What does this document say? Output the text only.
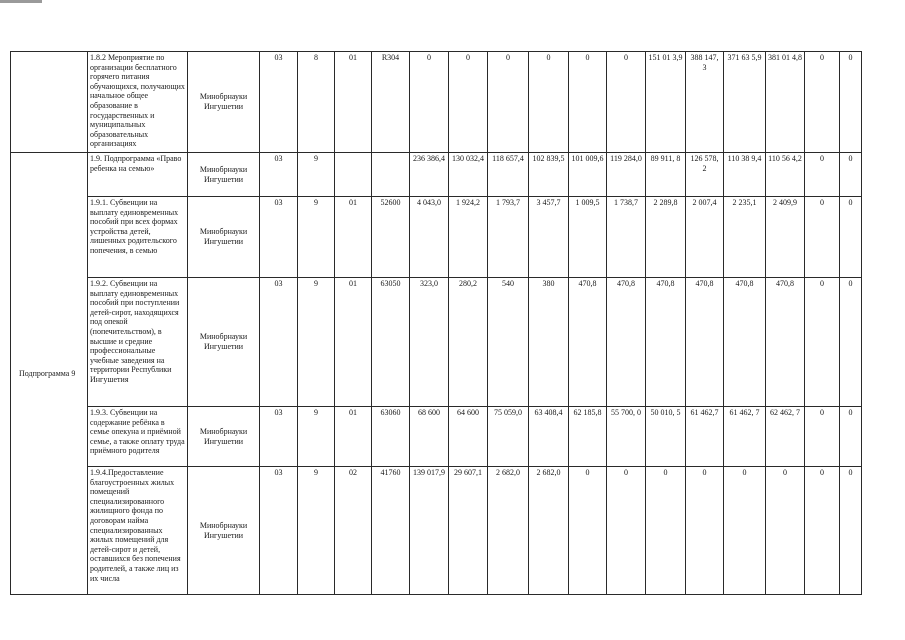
	1.8.2 Мероприятие по организации бесплатного горячего питания обучающихся, получающих начальное общее образование в государственных и муниципальных образовательных организациях	Минобрнауки Ингушетии	03	8	01	R304	0	0	0	0	0	0	151 01 3,9	388 147, 3	371 63 5,9	381 01 4,8	0	0
Подпрограмма 9	1.9. Подпрограмма «Право ребенка на семью»	Минобрнауки Ингушетии	03	9			236 386,4	130 032,4	118 657,4	102 839,5	101 009,6	119 284,0	89 911, 8	126 578, 2	110 38 9,4	110 56 4,2	0	0
	1.9.1. Субвенции на выплату единовременных пособий при всех формах устройства детей, лишенных родительского попечения, в семью	Минобрнауки Ингушетии	03	9	01	52600	4 043,0	1 924,2	1 793,7	3 457,7	1 009,5	1 738,7	2 289,8	2 007,4	2 235,1	2 409,9	0	0
	1.9.2. Субвенции на выплату единовременных пособий при поступлении детей-сирот, находящихся под опекой (попечительством), в высшие и средние профессиональные учебные заведения на территории Республики Ингушетия	Минобрнауки Ингушетии	03	9	01	63050	323,0	280,2	540	380	470,8	470,8	470,8	470,8	470,8	470,8	0	0
	1.9.3. Субвенции на содержание ребёнка в семье опекуна и приёмной семье, а также оплату труда приёмного родителя	Минобрнауки Ингушетии	03	9	01	63060	68 600	64 600	75 059,0	63 408,4	62 185,8	55 700, 0	50 010, 5	61 462,7	61 462, 7	62 462, 7	0	0
	1.9.4.Предоставление благоустроенных жилых помещений специализированного жилищного фонда по договорам найма специализированных жилых помещений для детей-сирот и детей, оставшихся без попечения родителей, а также лиц из их числа	Минобрнауки Ингушетии	03	9	02	41760	139 017,9	29 607,1	2 682,0	2 682,0	0	0	0	0	0	0	0	0
